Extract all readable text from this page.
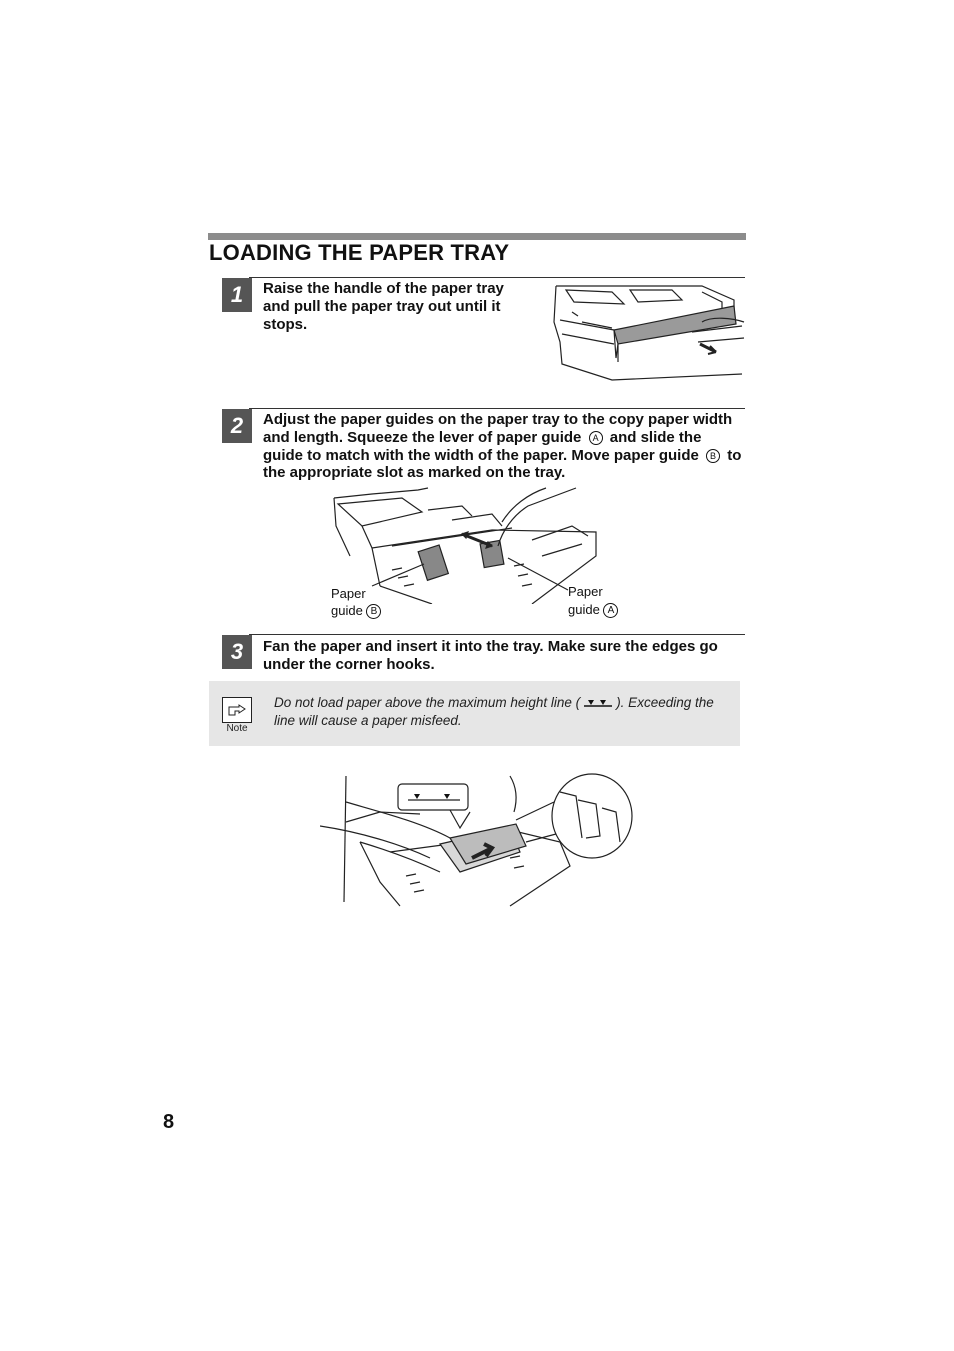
LOADING THE PAPER TRAY
1	Raise the handle of the paper tray and pull the paper tray out until it stops.
2	Adjust the paper guides on the paper tray to the copy paper width and length. Squeeze the lever of paper guide A and slide the guide to match with the width of the paper. Move paper guide B to the appropriate slot as marked on the tray.
Paper
guide B
Paper
guide A
3	Fan the paper and insert it into the tray. Make sure the edges go under the corner hooks.
Note
Do not load paper above the maximum height line (	). Exceeding the line will cause a paper misfeed.
8
